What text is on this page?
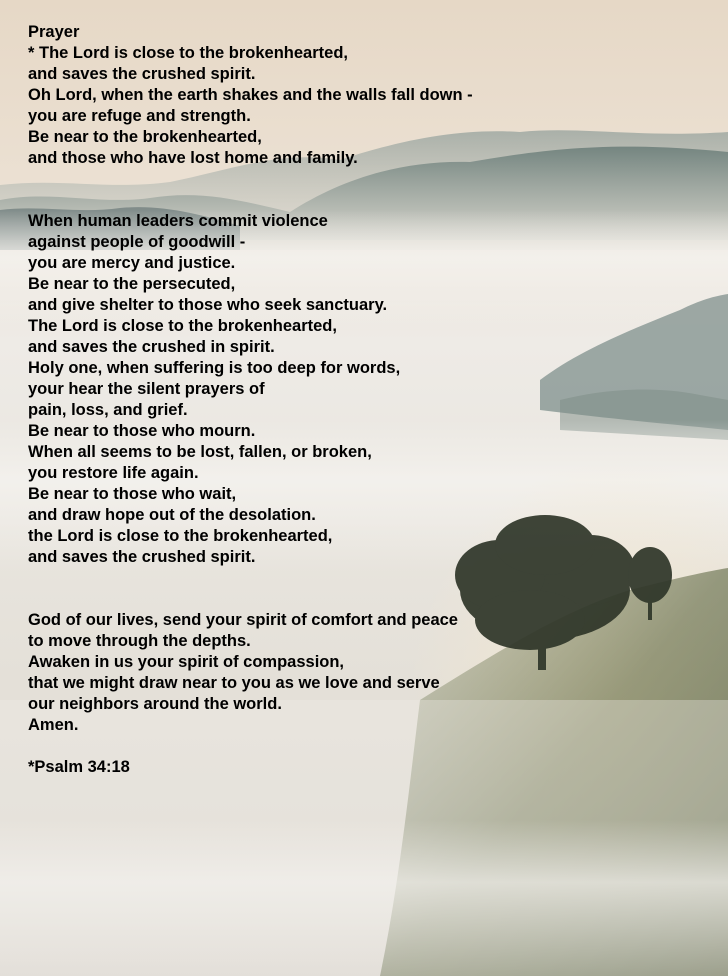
Prayer
* The Lord is close to the brokenhearted,
and saves the crushed spirit.
Oh Lord, when the earth shakes and the walls fall down -
you are refuge and strength.
Be near to the brokenhearted,
and those who have lost home and family.
When human leaders commit violence
against people of goodwill -
you are mercy and justice.
Be near to the persecuted,
and give shelter to those who seek sanctuary.
The Lord is close to the brokenhearted,
and saves the crushed in spirit.
Holy one, when suffering is too deep for words,
your hear the silent prayers of
pain, loss, and grief.
Be near to those who mourn.
When all seems to be lost, fallen, or broken,
you restore life again.
Be near to those who wait,
and draw hope out of the desolation.
the Lord is close to the brokenhearted,
and saves the crushed spirit.
God of our lives, send your spirit of comfort and peace
to move through the depths.
Awaken in us your spirit of compassion,
that we might draw near to you as we love and serve
our neighbors around the world.
Amen.
*Psalm 34:18
